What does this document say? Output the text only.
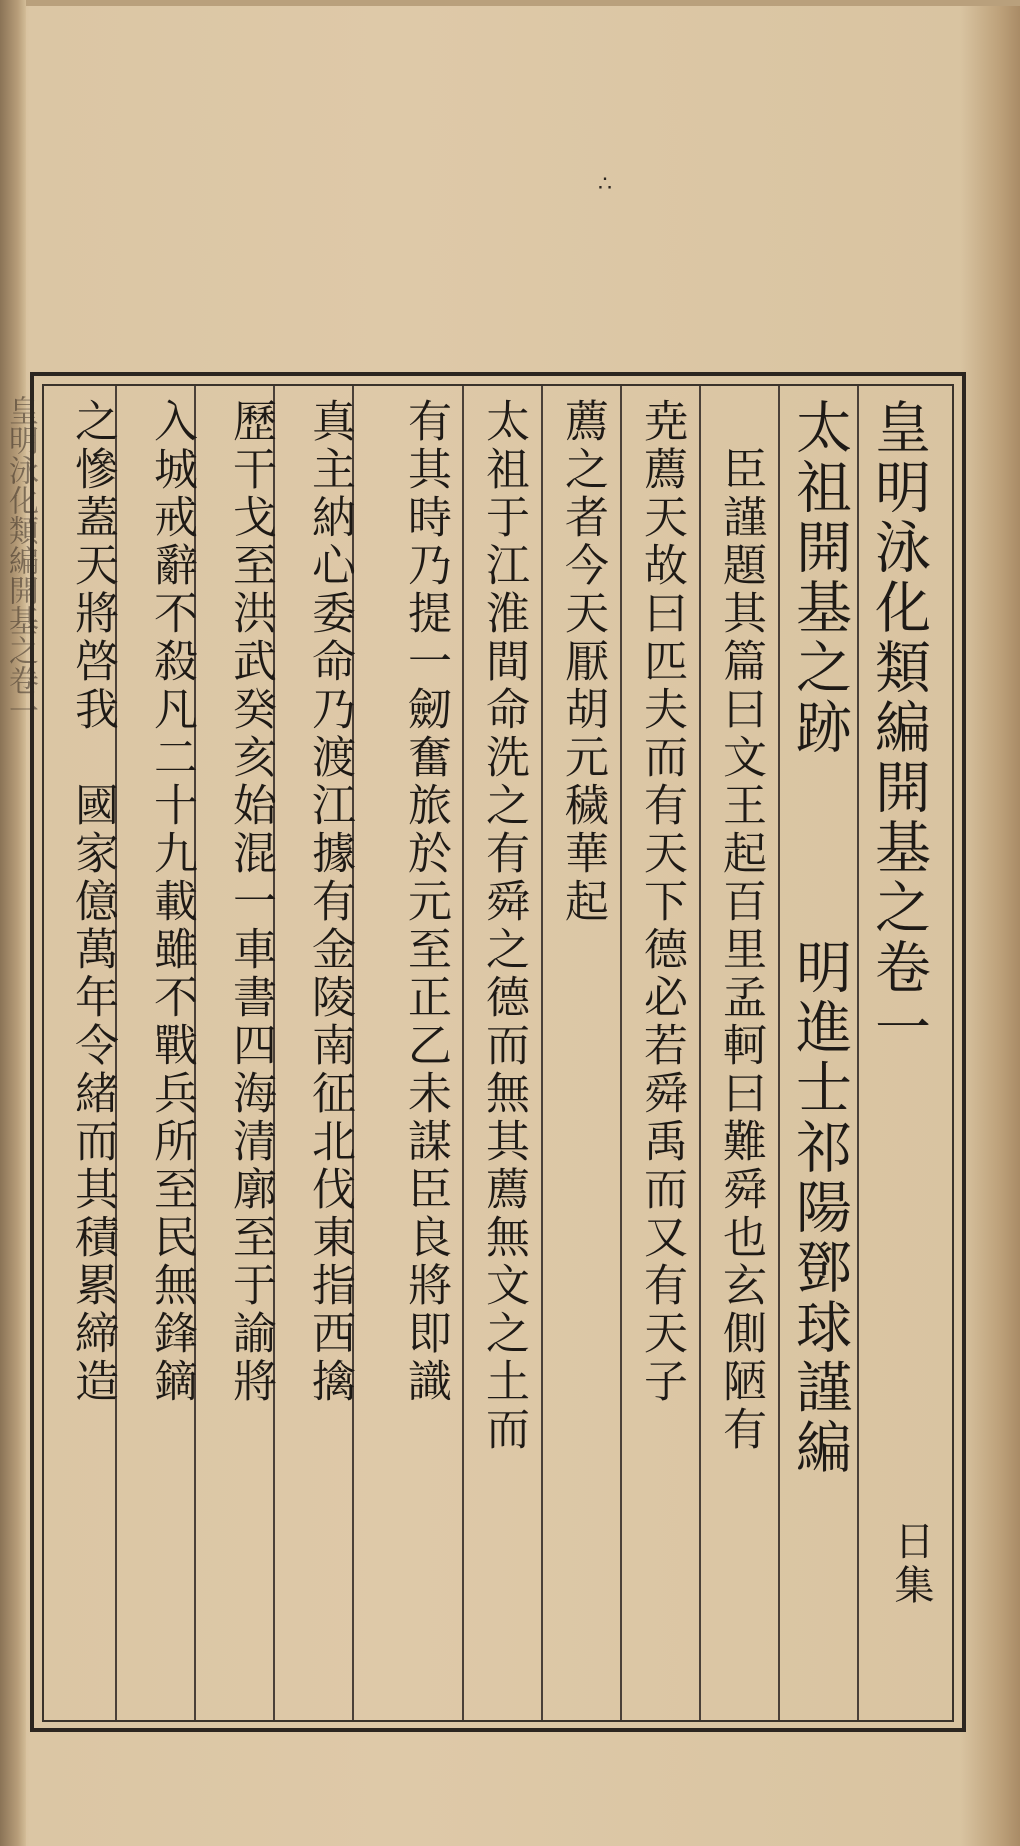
皇明泳化類編開基之卷一
∴
皇明泳化類編開基之卷一
太祖開基之跡　　　明進士祁陽鄧球謹編
　臣謹題其篇曰文王起百里孟軻曰難舜也玄側陋有
尭薦天故曰匹夫而有天下德必若舜禹而又有天子
薦之者今天厭胡元穢華起
太祖于江淮間命洗之有舜之德而無其薦無文之土而
有其時乃提一劒奮旅於元至正乙未謀臣良將即識
真主納心委命乃渡江據有金陵南征北伐東指西擒
歷干戈至洪武癸亥始混一車書四海清廓至于諭將
入城戒辭不殺凡二十九載雖不戰兵所至民無鋒鏑
之慘蓋天將啓我　國家億萬年令緒而其積累締造
日集
